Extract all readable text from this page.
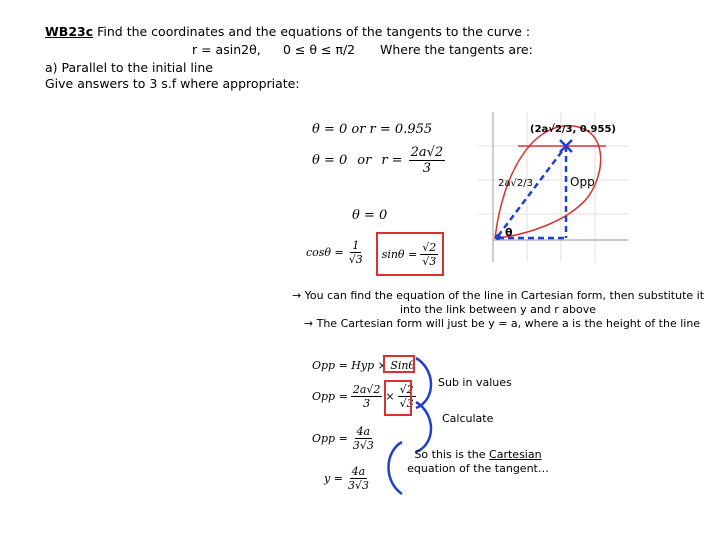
WB23c Find the coordinates and the equations of the tangents to the curve :
r = asin2θ, 0 ≤ θ ≤ π/2 Where the tangents are:
a) Parallel to the initial line
Give answers to 3 s.f where appropriate:
θ = 0 or r = 0.955
θ = 0 or $r = \frac{2a√2}{3}$
θ = 0
$\cos\theta = \frac{1}{√3}$ $\sin\theta = \frac{√2}{√3}$
(2a√2/3, 0.955)
2a√2/3	Opp
θ
→ You can find the equation of the line in Cartesian form, then substitute it into the link between y and r above
→ The Cartesian form will just be y = a, where a is the height of the line
Opp = Hyp × Sinθ
Opp = $\frac{2a√2}{3} \times \frac{√2}{√3}$
Opp = $\frac{4a}{3√3}$
$y = \frac{4a}{3√3}$
Sub in values
Calculate
So this is the Cartesian equation of the tangent…
